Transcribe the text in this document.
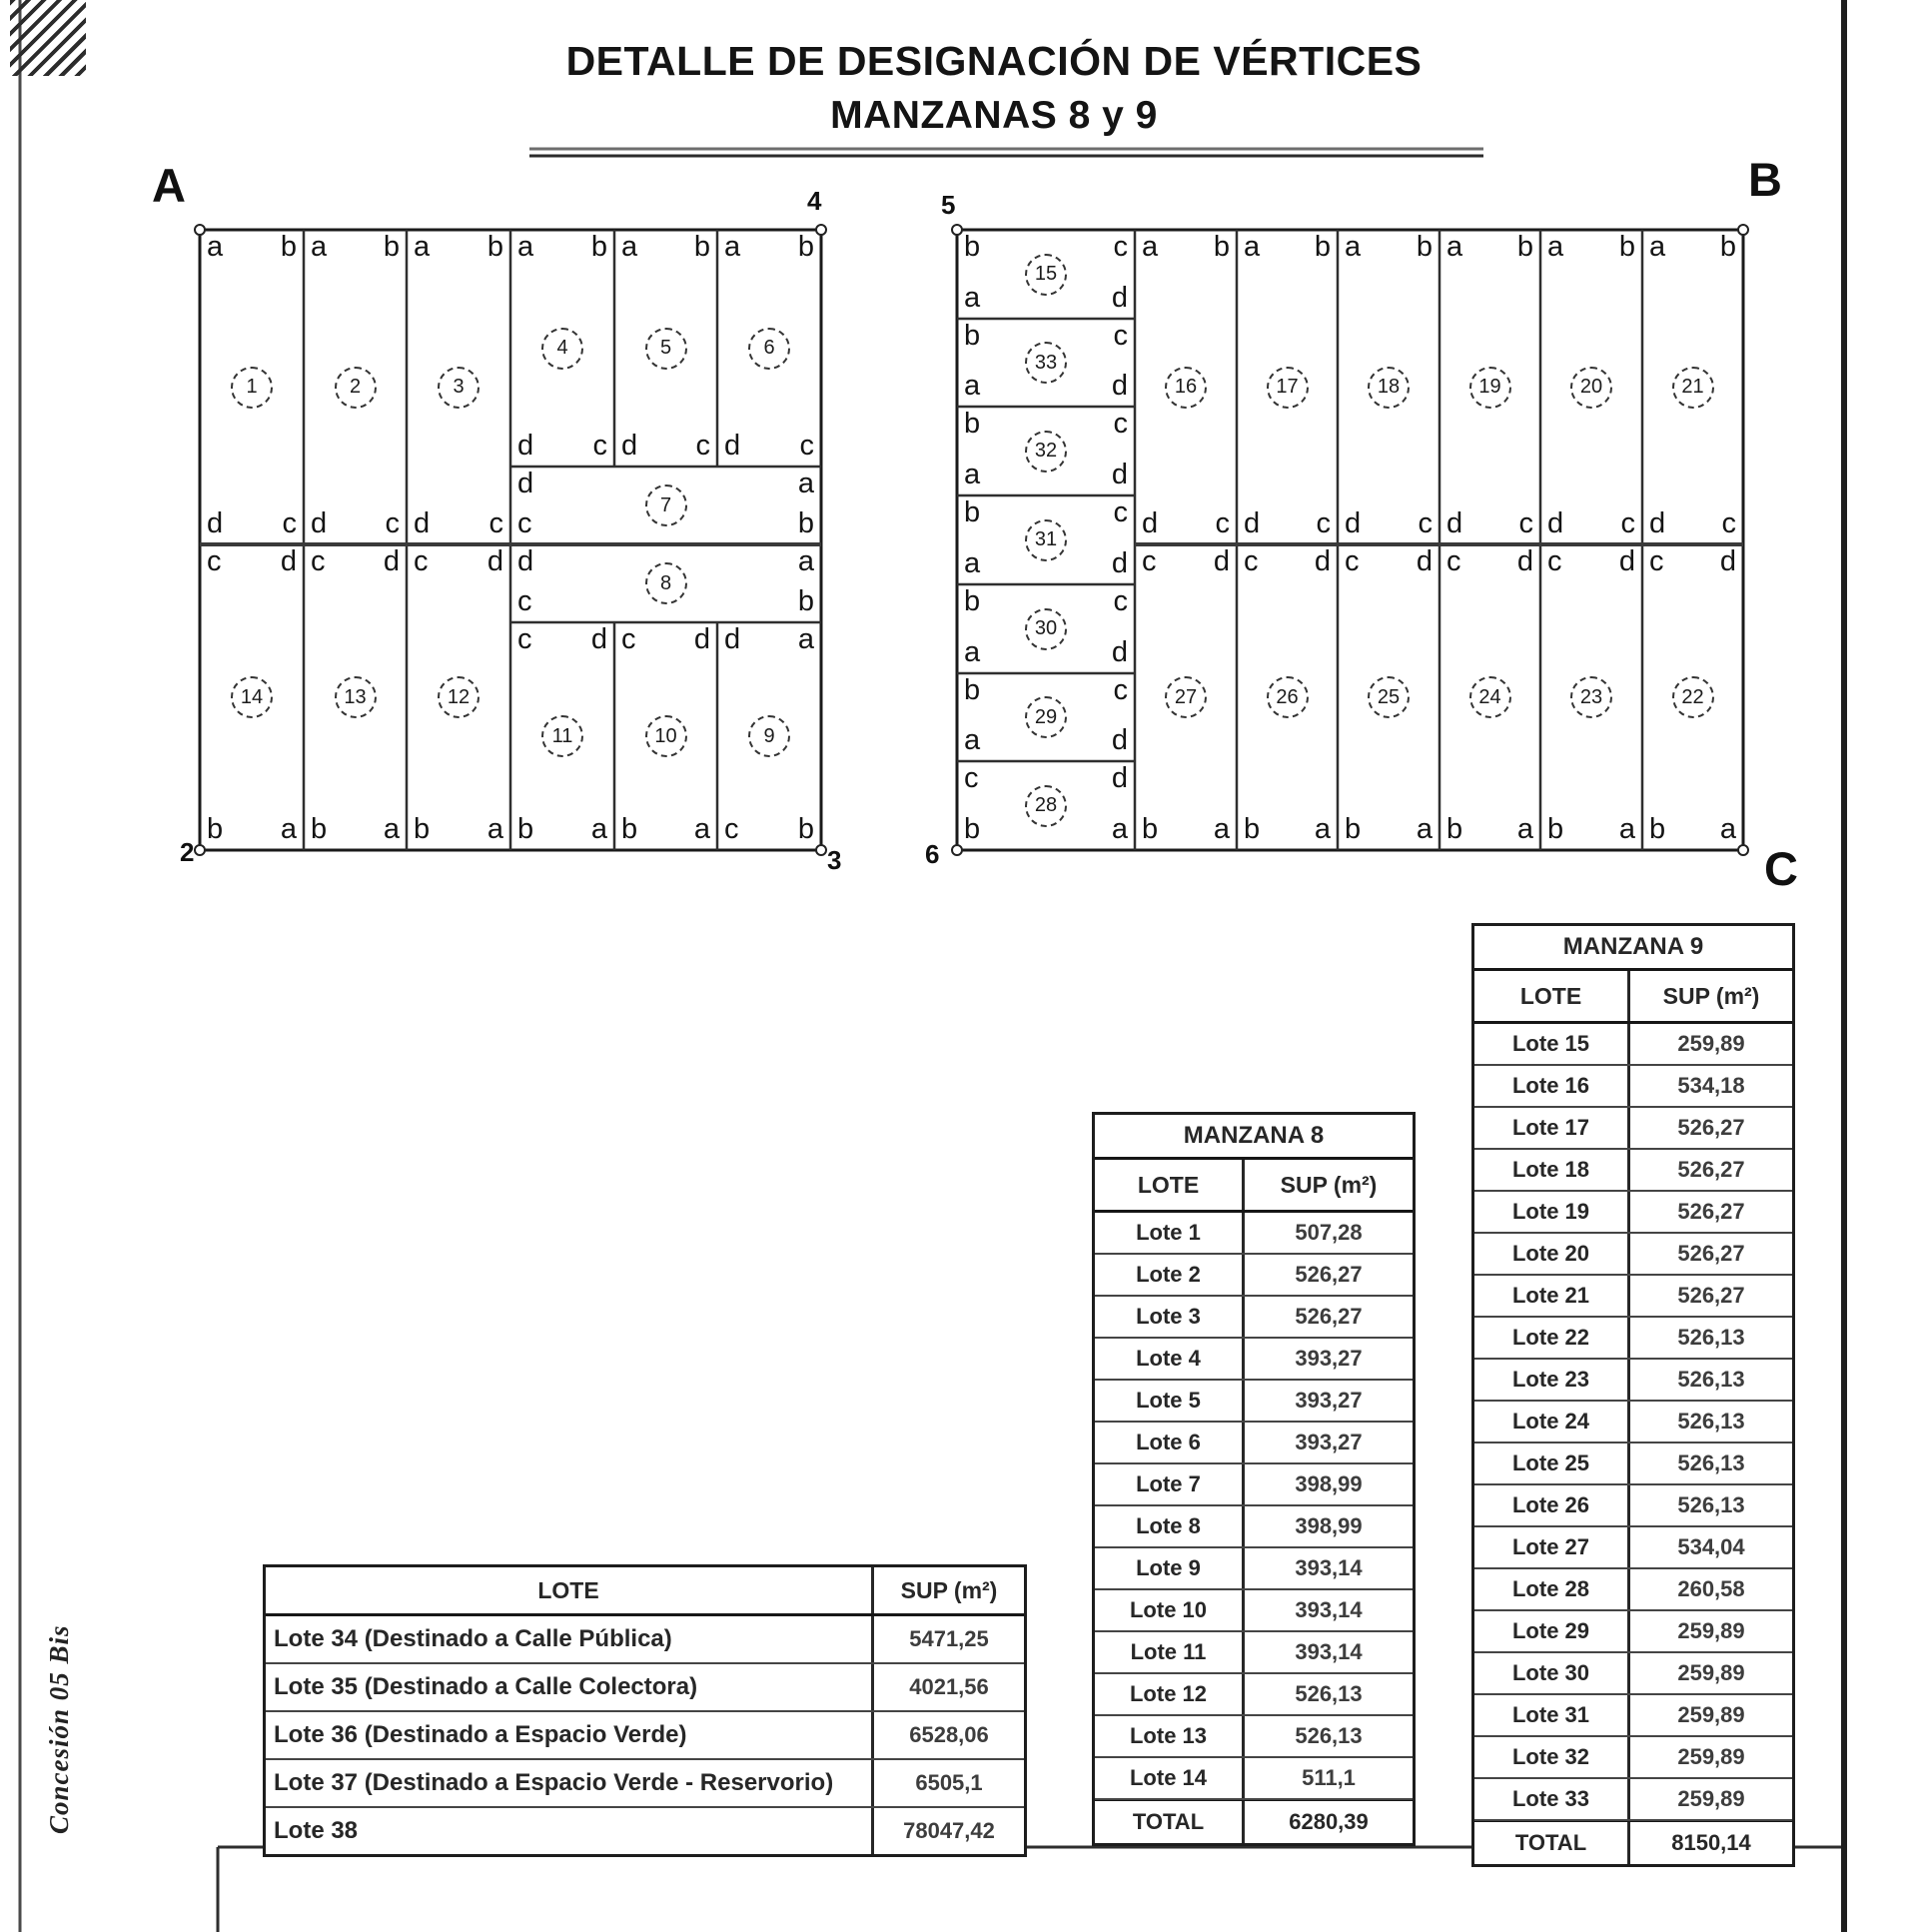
DETALLE DE DESIGNACIÓN DE VÉRTICES
MANZANAS 8 y 9
Concesión 05 Bis
a b
d c
1
a b
d c
2
a b
d c
3
a b
d c
4
a b
d c
5
a b
d c
6
d	a
c	b
7
d	a
c	b
8
d a
c b
9
c d
b a
10
c d
b a
11
c d
b a
12
c d
b a
13
c d
b a
14
b	c
a	d
15
b	c
a	d
33
b	c
a	d
32
b	c
a	d
31
b	c
a	d
30
b	c
a	d
29
c	d
b	a
28
a b
d c
16
a b
d c
17
a b
d c
18
a b
d c
19
a b
d c
20
a b
d c
21
c d
b a
27
c d
b a
26
c d
b a
25
c d
b a
24
c d
b a
23
c d
b a
22
A	B
C
2	3
4	5
6
LOTE	SUP (m²)
Lote 34 (Destinado a Calle Pública)	5471,25
Lote 35 (Destinado a Calle Colectora)	4021,56
Lote 36 (Destinado a Espacio Verde)	6528,06
Lote 37 (Destinado a Espacio Verde - Reservorio)	6505,1
Lote 38	78047,42
MANZANA 8
LOTE	SUP (m²)
Lote 1	507,28
Lote 2	526,27
Lote 3	526,27
Lote 4	393,27
Lote 5	393,27
Lote 6	393,27
Lote 7	398,99
Lote 8	398,99
Lote 9	393,14
Lote 10	393,14
Lote 11	393,14
Lote 12	526,13
Lote 13	526,13
Lote 14	511,1
TOTAL	6280,39
MANZANA 9
LOTE	SUP (m²)
Lote 15	259,89
Lote 16	534,18
Lote 17	526,27
Lote 18	526,27
Lote 19	526,27
Lote 20	526,27
Lote 21	526,27
Lote 22	526,13
Lote 23	526,13
Lote 24	526,13
Lote 25	526,13
Lote 26	526,13
Lote 27	534,04
Lote 28	260,58
Lote 29	259,89
Lote 30	259,89
Lote 31	259,89
Lote 32	259,89
Lote 33	259,89
TOTAL	8150,14
